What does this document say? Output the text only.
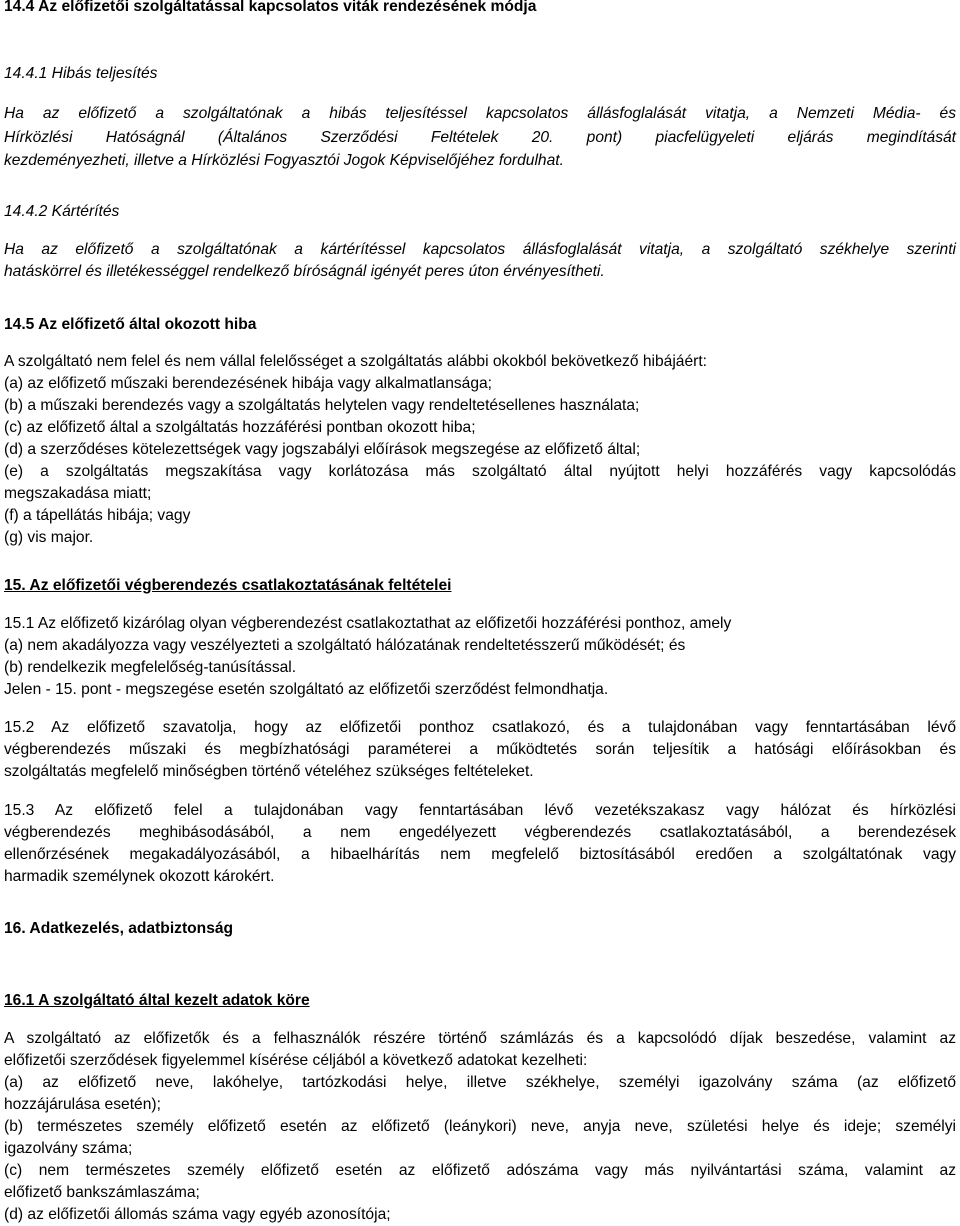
14.4 Az előfizetői szolgáltatással kapcsolatos viták rendezésének módja
14.4.1 Hibás teljesítés
Ha az előfizető a szolgáltatónak a hibás teljesítéssel kapcsolatos állásfoglalását vitatja, a Nemzeti Média- és
Hírközlési Hatóságnál (Általános Szerződési Feltételek 20. pont) piacfelügyeleti eljárás megindítását
kezdeményezheti, illetve a Hírközlési Fogyasztói Jogok Képviselőjéhez fordulhat.
14.4.2 Kártérítés
Ha az előfizető a szolgáltatónak a kártérítéssel kapcsolatos állásfoglalását vitatja, a szolgáltató székhelye szerinti
hatáskörrel és illetékességgel rendelkező bíróságnál igényét peres úton érvényesítheti.
14.5 Az előfizető által okozott hiba
A szolgáltató nem felel és nem vállal felelősséget a szolgáltatás alábbi okokból bekövetkező hibájáért:
(a) az előfizető műszaki berendezésének hibája vagy alkalmatlansága;
(b) a műszaki berendezés vagy a szolgáltatás helytelen vagy rendeltetésellenes használata;
(c) az előfizető által a szolgáltatás hozzáférési pontban okozott hiba;
(d) a szerződéses kötelezettségek vagy jogszabályi előírások megszegése az előfizető által;
(e) a szolgáltatás megszakítása vagy korlátozása más szolgáltató által nyújtott helyi hozzáférés vagy kapcsolódás
megszakadása miatt;
(f) a tápellátás hibája; vagy
(g) vis major.
15. Az előfizetői végberendezés csatlakoztatásának feltételei
15.1 Az előfizető kizárólag olyan végberendezést csatlakoztathat az előfizetői hozzáférési ponthoz, amely
(a) nem akadályozza vagy veszélyezteti a szolgáltató hálózatának rendeltetésszerű működését; és
(b) rendelkezik megfelelőség-tanúsítással.
Jelen - 15. pont - megszegése esetén szolgáltató az előfizetői szerződést felmondhatja.
15.2 Az előfizető szavatolja, hogy az előfizetői ponthoz csatlakozó, és a tulajdonában vagy fenntartásában lévő
végberendezés műszaki és megbízhatósági paraméterei a működtetés során teljesítik a hatósági előírásokban és
szolgáltatás megfelelő minőségben történő vételéhez szükséges feltételeket.
15.3 Az előfizető felel a tulajdonában vagy fenntartásában lévő vezetékszakasz vagy hálózat és hírközlési
végberendezés meghibásodásából, a nem engedélyezett végberendezés csatlakoztatásából, a berendezések
ellenőrzésének megakadályozásából, a hibaelhárítás nem megfelelő biztosításából eredően a szolgáltatónak vagy
harmadik személynek okozott károkért.
16. Adatkezelés, adatbiztonság
16.1 A szolgáltató által kezelt adatok köre
A szolgáltató az előfizetők és a felhasználók részére történő számlázás és a kapcsolódó díjak beszedése, valamint az
előfizetői szerződések figyelemmel kísérése céljából a következő adatokat kezelheti:
(a) az előfizető neve, lakóhelye, tartózkodási helye, illetve székhelye, személyi igazolvány száma (az előfizető
hozzájárulása esetén);
(b) természetes személy előfizető esetén az előfizető (leánykori) neve, anyja neve, születési helye és ideje; személyi
igazolvány száma;
(c) nem természetes személy előfizető esetén az előfizető adószáma vagy más nyilvántartási száma, valamint az
előfizető bankszámlaszáma;
(d) az előfizetői állomás száma vagy egyéb azonosítója;
